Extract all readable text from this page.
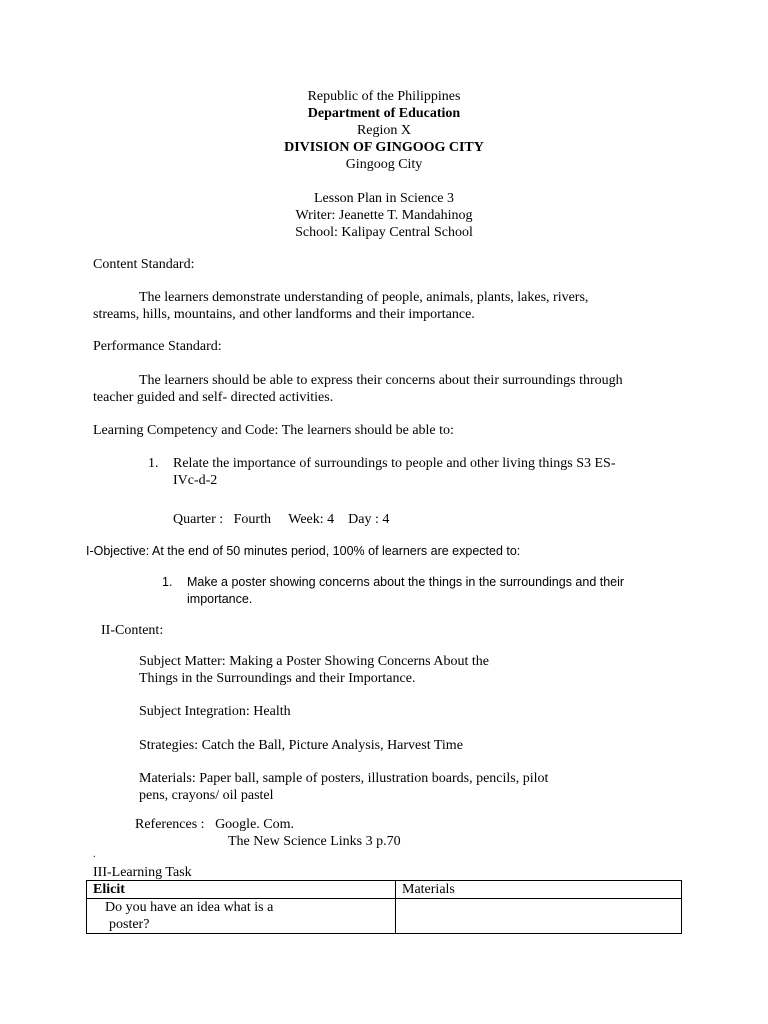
Republic of the Philippines
Department of Education
Region X
DIVISION OF GINGOOG CITY
Gingoog City
Lesson Plan in Science 3
Writer: Jeanette T. Mandahinog
School: Kalipay Central School
Content Standard:
The learners demonstrate understanding of people, animals, plants, lakes, rivers,
streams, hills, mountains, and other landforms and their importance.
Performance Standard:
The learners should be able to express their concerns about their surroundings through
teacher guided and self- directed activities.
Learning Competency and Code: The learners should be able to:
1. Relate the importance of surroundings to people and other living things S3 ES-
IVc-d-2
Quarter :   Fourth     Week: 4    Day : 4
I-Objective: At the end of 50 minutes period, 100% of learners are expected to:
1. Make a poster showing concerns about the things in the surroundings and their
importance.
II-Content:
Subject Matter: Making a Poster Showing Concerns About the
Things in the Surroundings and their Importance.
Subject Integration: Health
Strategies: Catch the Ball, Picture Analysis, Harvest Time
Materials: Paper ball, sample of posters, illustration boards, pencils, pilot
pens, crayons/ oil pastel
References :   Google. Com.
The New Science Links 3 p.70
.
III-Learning Task
Elicit	Materials

Do you have an idea what is a
poster?	
